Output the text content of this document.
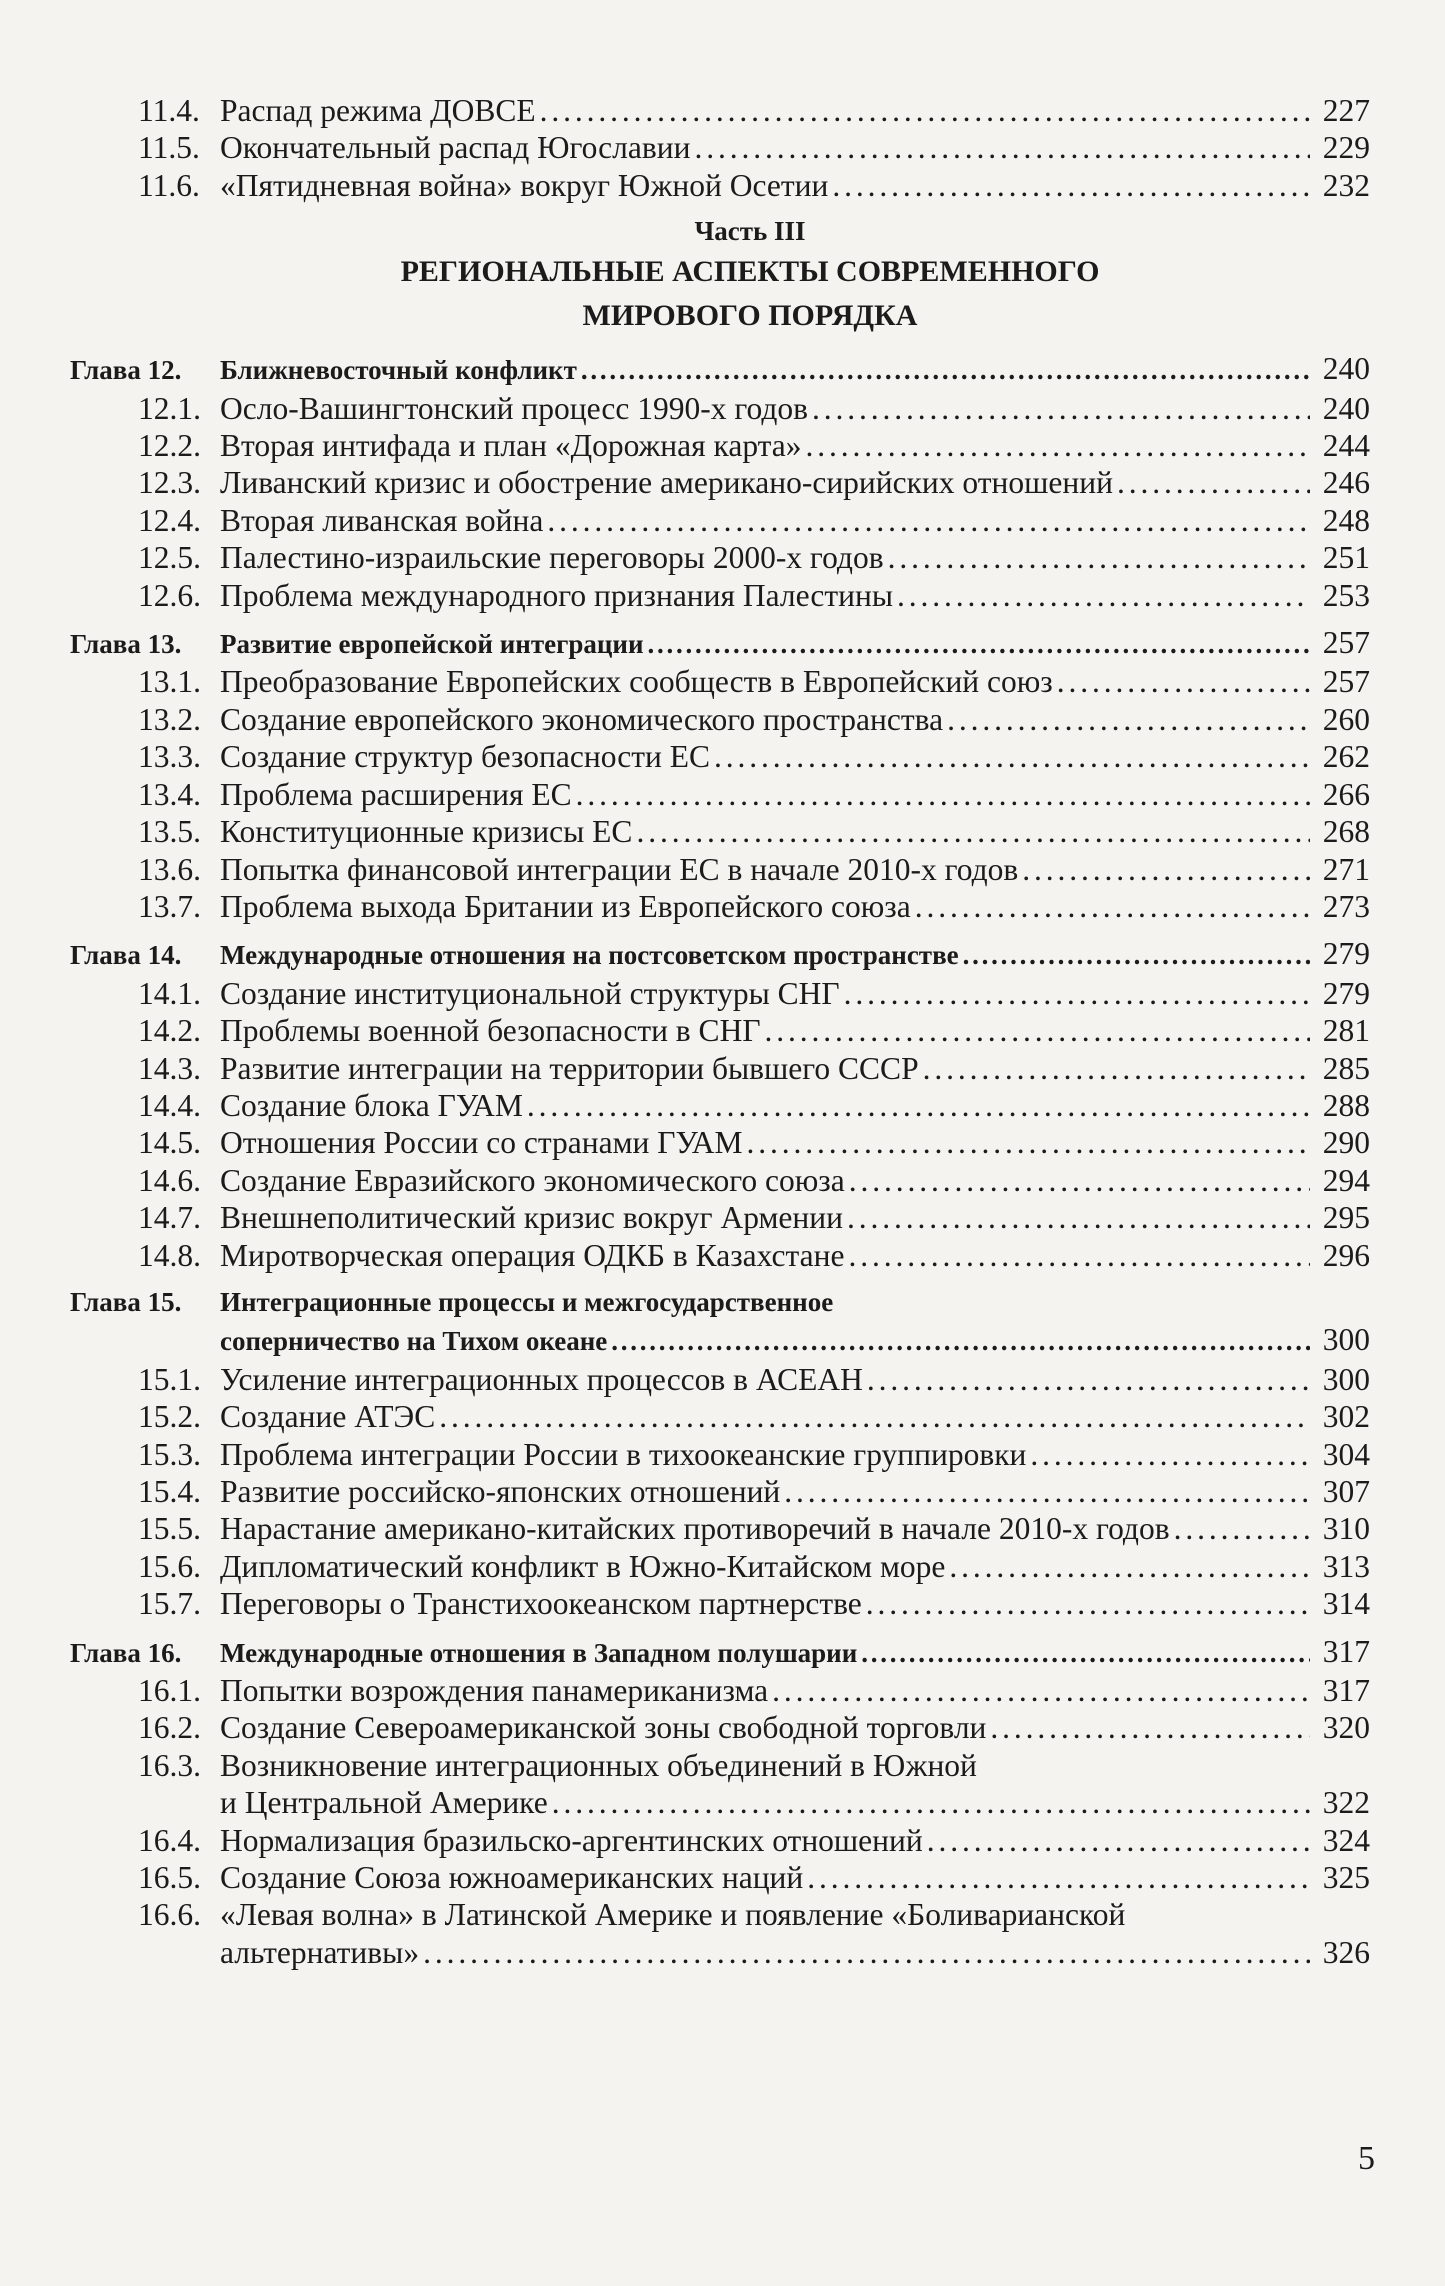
11.4. Распад режима ДОВСЕ . . .	227
11.5. Окончательный распад Югославии . . .	229
11.6. «Пятидневная война» вокруг Южной Осетии . . .	232
Часть III
РЕГИОНАЛЬНЫЕ АСПЕКТЫ СОВРЕМЕННОГО
МИРОВОГО ПОРЯДКА
Глава 12.	Ближневосточный конфликт . . .	240
12.1. Осло-Вашингтонский процесс 1990-х годов . . .	240
12.2. Вторая интифада и план «Дорожная карта» . . .	244
12.3. Ливанский кризис и обострение американо-сирийских отношений . . .	246
12.4. Вторая ливанская война . . .	248
12.5. Палестино-израильские переговоры 2000-х годов . . .	251
12.6. Проблема международного признания Палестины . . .	253
Глава 13.	Развитие европейской интеграции . . .	257
13.1. Преобразование Европейских сообществ в Европейский союз . . .	257
13.2. Создание европейского экономического пространства . . .	260
13.3. Создание структур безопасности ЕС . . .	262
13.4. Проблема расширения ЕС . . .	266
13.5. Конституционные кризисы ЕС . . .	268
13.6. Попытка финансовой интеграции ЕС в начале 2010-х годов . . .	271
13.7. Проблема выхода Британии из Европейского союза . . .	273
Глава 14.	Международные отношения на постсоветском пространстве . . .	279
14.1. Создание институциональной структуры СНГ . . .	279
14.2. Проблемы военной безопасности в СНГ . . .	281
14.3. Развитие интеграции на территории бывшего СССР . . .	285
14.4. Создание блока ГУАМ . . .	288
14.5. Отношения России со странами ГУАМ . . .	290
14.6. Создание Евразийского экономического союза . . .	294
14.7. Внешнеполитический кризис вокруг Армении . . .	295
14.8. Миротворческая операция ОДКБ в Казахстане . . .	296
Глава 15.	Интеграционные процессы и межгосударственное
соперничество на Тихом океане . . .	300
15.1. Усиление интеграционных процессов в АСЕАН . . .	300
15.2. Создание АТЭС . . .	302
15.3. Проблема интеграции России в тихоокеанские группировки . . .	304
15.4. Развитие российско-японских отношений . . .	307
15.5. Нарастание американо-китайских противоречий в начале 2010-х годов . . .	310
15.6. Дипломатический конфликт в Южно-Китайском море . . .	313
15.7. Переговоры о Транстихоокеанском партнерстве . . .	314
Глава 16.	Международные отношения в Западном полушарии . . .	317
16.1. Попытки возрождения панамериканизма . . .	317
16.2. Создание Североамериканской зоны свободной торговли . . .	320
16.3. Возникновение интеграционных объединений в Южной
и Центральной Америке . . .	322
16.4. Нормализация бразильско-аргентинских отношений . . .	324
16.5. Создание Союза южноамериканских наций . . .	325
16.6. «Левая волна» в Латинской Америке и появление «Боливарианской
альтернативы» . . .	326
5
